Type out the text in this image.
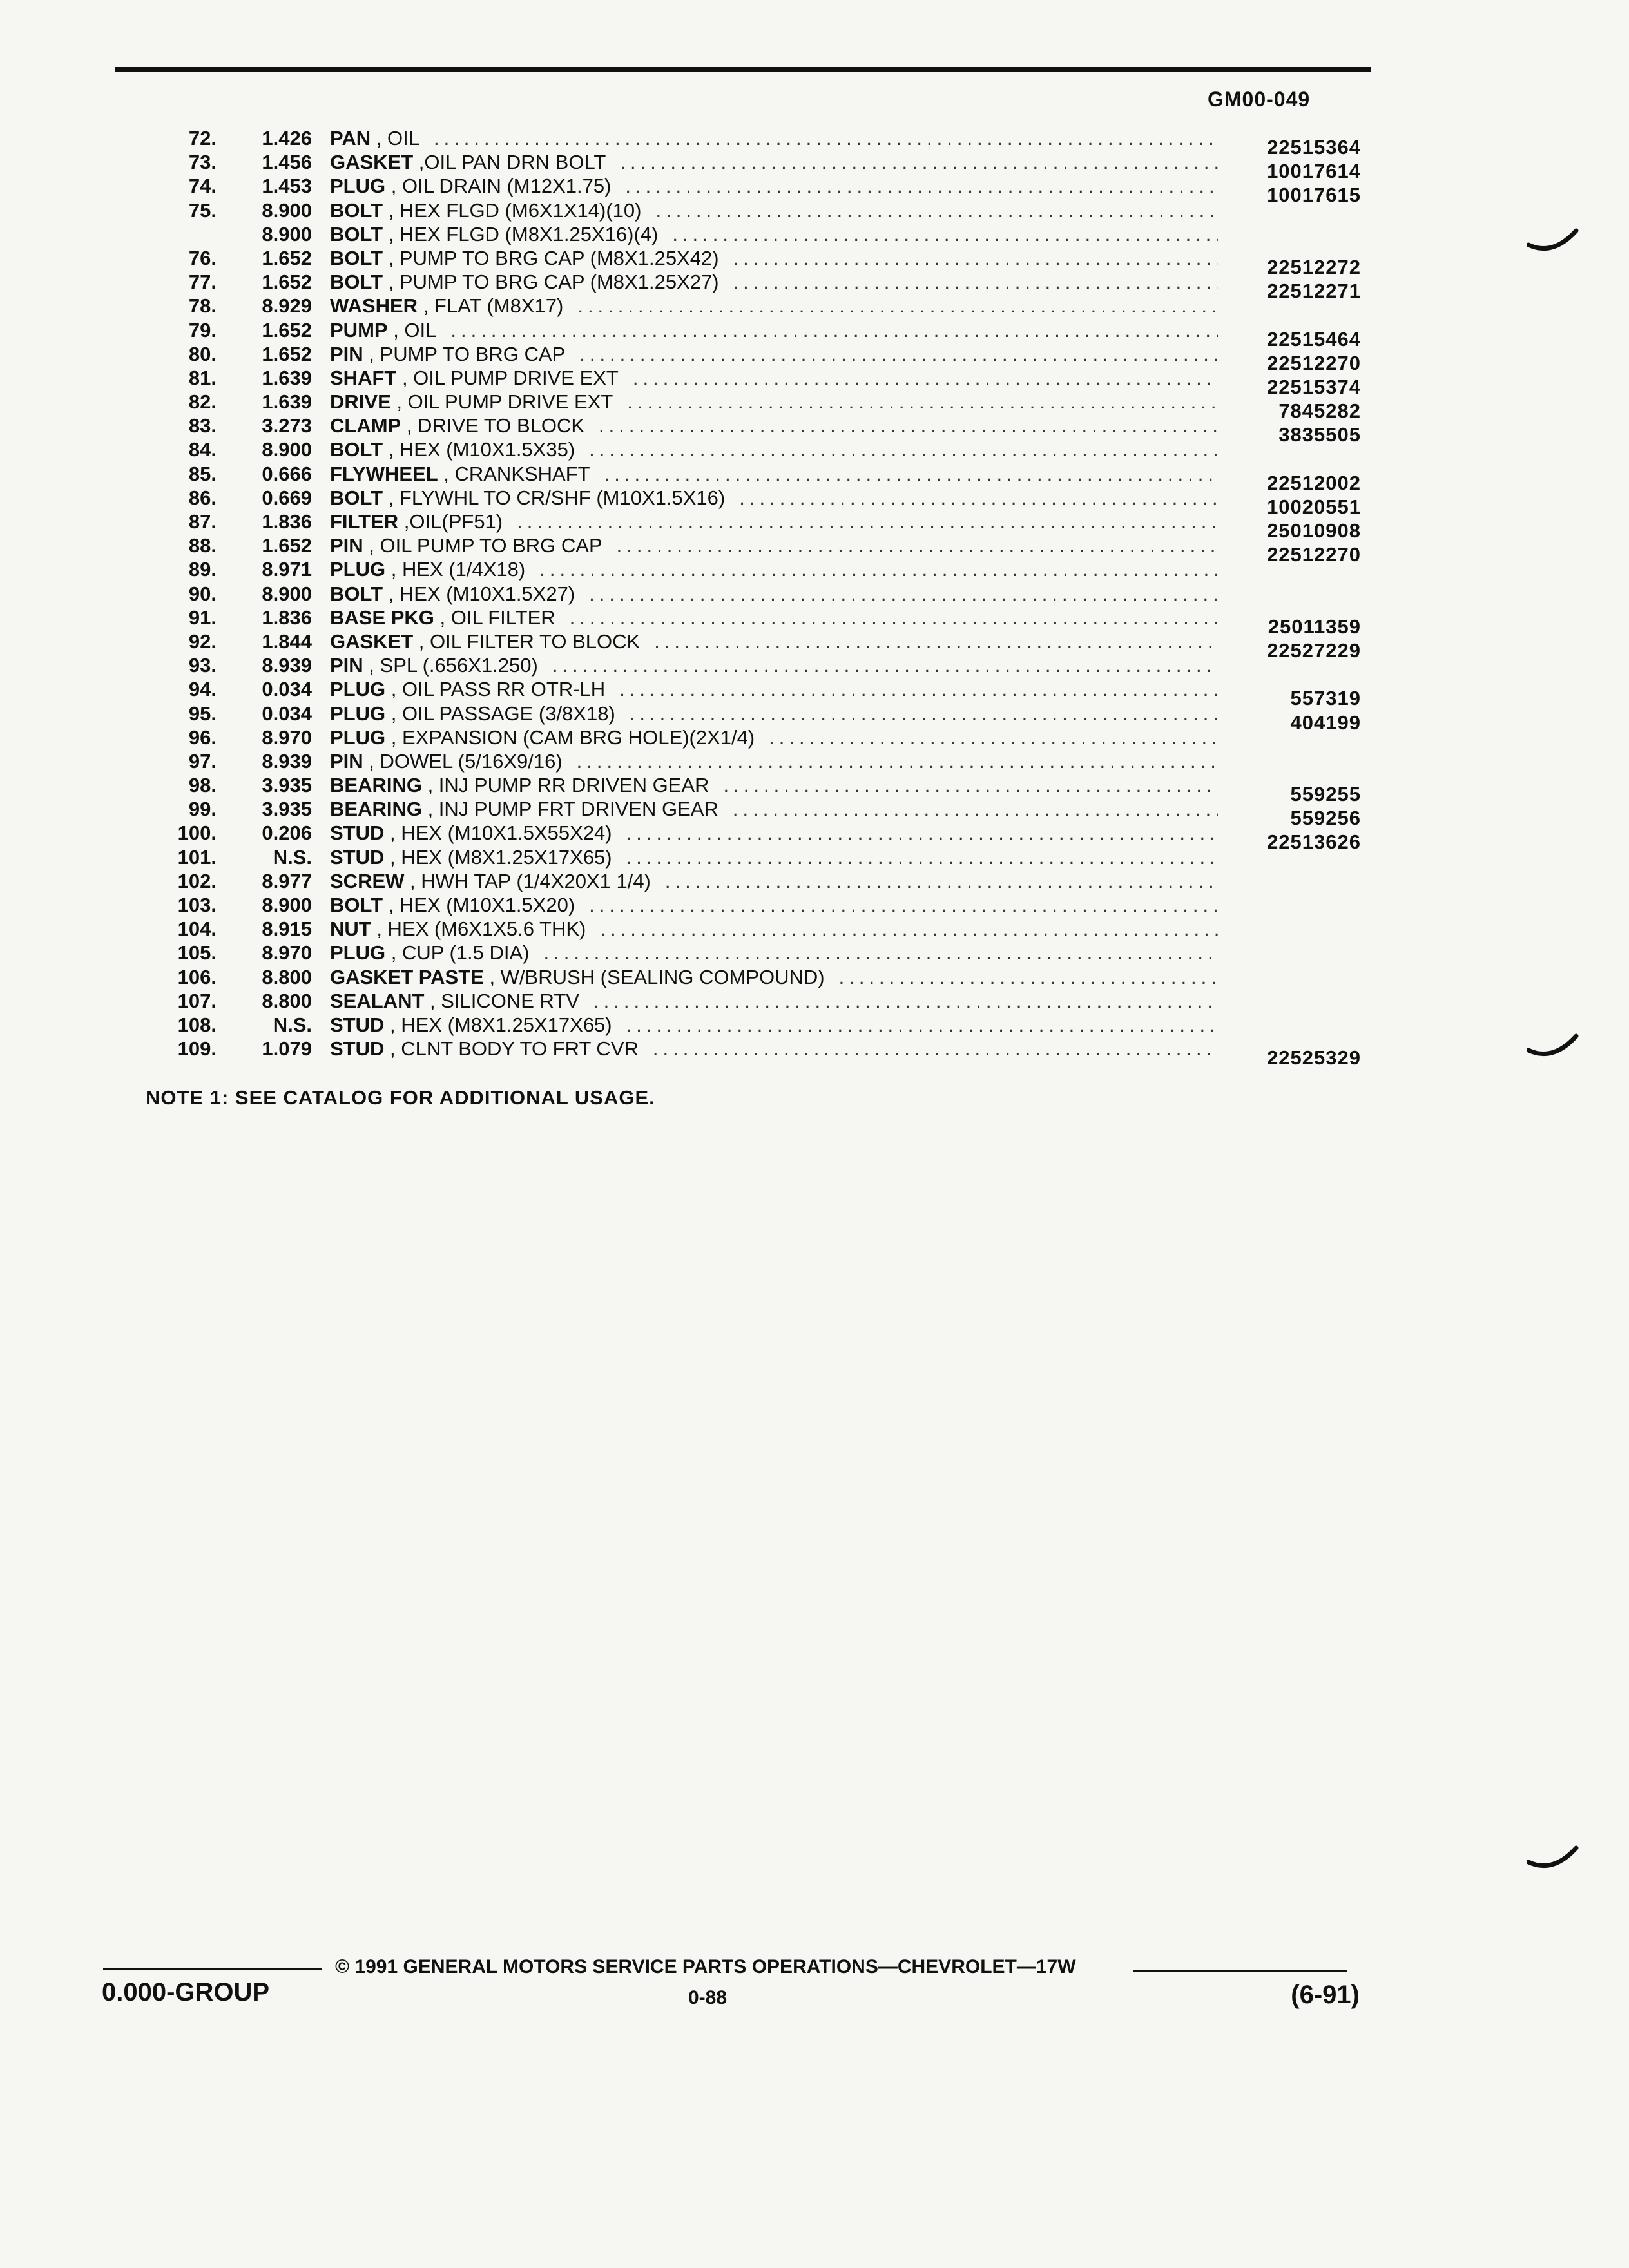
GM00-049
72. 1.426 PAN , OIL .....	22515364
73. 1.456 GASKET ,OIL PAN DRN BOLT .....	10017614
74. 1.453 PLUG , OIL DRAIN (M12X1.75) .....	10017615
75. 8.900 BOLT , HEX FLGD (M6X1X14)(10)
.....
8.900 BOLT , HEX FLGD (M8X1.25X16)(4)
.....
76. 1.652 BOLT , PUMP TO BRG CAP (M8X1.25X42) .....	22512272
77. 1.652 BOLT , PUMP TO BRG CAP (M8X1.25X27) .....	22512271
78. 8.929 WASHER , FLAT (M8X17)
.....
79. 1.652 PUMP , OIL .....	22515464
80. 1.652 PIN , PUMP TO BRG CAP .....	22512270
81. 1.639 SHAFT , OIL PUMP DRIVE EXT .....	22515374
82. 1.639 DRIVE , OIL PUMP DRIVE EXT .....	7845282
83. 3.273 CLAMP , DRIVE TO BLOCK .....	3835505
84. 8.900 BOLT , HEX (M10X1.5X35)
.....
85. 0.666 FLYWHEEL , CRANKSHAFT .....	22512002
86. 0.669 BOLT , FLYWHL TO CR/SHF (M10X1.5X16) .....	10020551
87. 1.836 FILTER ,OIL(PF51) .....	25010908
88. 1.652 PIN , OIL PUMP TO BRG CAP .....	22512270
89. 8.971 PLUG , HEX (1/4X18)
.....
90. 8.900 BOLT , HEX (M10X1.5X27)
.....
91. 1.836 BASE PKG , OIL FILTER .....	25011359
92. 1.844 GASKET , OIL FILTER TO BLOCK .....	22527229
93. 8.939 PIN , SPL (.656X1.250)
.....
94. 0.034 PLUG , OIL PASS RR OTR-LH .....	557319
95. 0.034 PLUG , OIL PASSAGE (3/8X18) .....	404199
96. 8.970 PLUG , EXPANSION (CAM BRG HOLE)(2X1/4)
.....
97. 8.939 PIN , DOWEL (5/16X9/16)
.....
98. 3.935 BEARING , INJ PUMP RR DRIVEN GEAR .....	559255
99. 3.935 BEARING , INJ PUMP FRT DRIVEN GEAR .....	559256
100. 0.206 STUD , HEX (M10X1.5X55X24) .....	22513626
101.	N.S. STUD , HEX (M8X1.25X17X65)
.....
102. 8.977 SCREW , HWH TAP (1/4X20X1 1/4)
.....
103. 8.900 BOLT , HEX (M10X1.5X20)
.....
104. 8.915 NUT , HEX (M6X1X5.6 THK)
.....
105. 8.970 PLUG , CUP (1.5 DIA)
.....
106. 8.800 GASKET PASTE , W/BRUSH (SEALING COMPOUND)
.....
107. 8.800 SEALANT , SILICONE RTV
.....
108.	N.S. STUD , HEX (M8X1.25X17X65)
.....
109. 1.079 STUD , CLNT BODY TO FRT CVR .....	22525329
NOTE 1: SEE CATALOG FOR ADDITIONAL USAGE.
© 1991 GENERAL MOTORS SERVICE PARTS OPERATIONS—CHEVROLET—17W
0.000-GROUP	0-88	(6-91)
